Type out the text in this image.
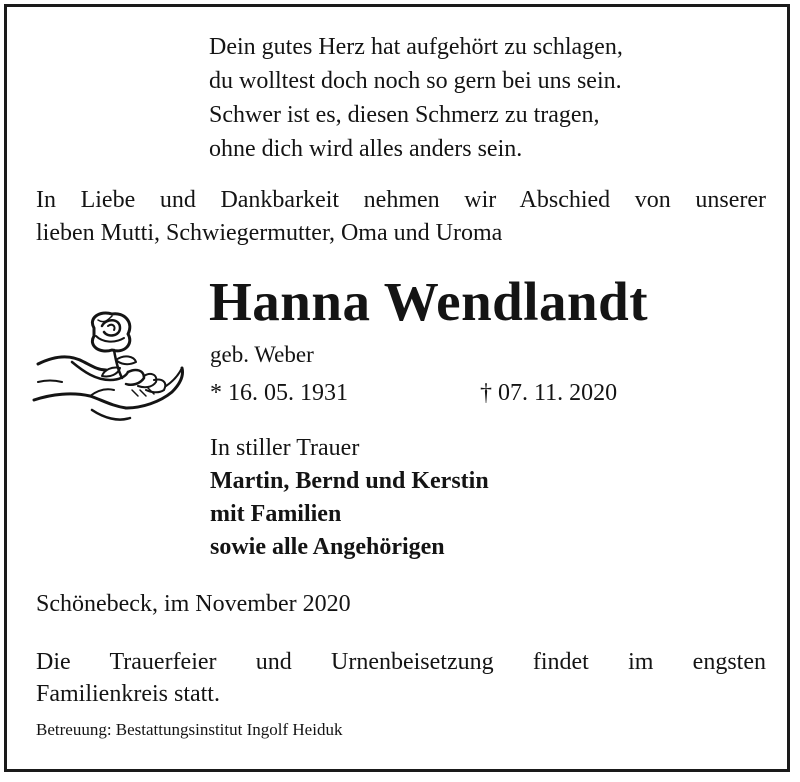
Dein gutes Herz hat aufgehört zu schlagen,
du wolltest doch noch so gern bei uns sein.
Schwer ist es, diesen Schmerz zu tragen,
ohne dich wird alles anders sein.
In Liebe und Dankbarkeit nehmen wir Abschied von unserer
lieben Mutti, Schwiegermutter, Oma und Uroma
Hanna Wendlandt
geb. Weber
* 16. 05. 1931	† 07. 11. 2020
In stiller Trauer
Martin, Bernd und Kerstin
mit Familien
sowie alle Angehörigen
Schönebeck, im November 2020
Die Trauerfeier und Urnenbeisetzung findet im engsten
Familienkreis statt.
Betreuung: Bestattungsinstitut Ingolf Heiduk
